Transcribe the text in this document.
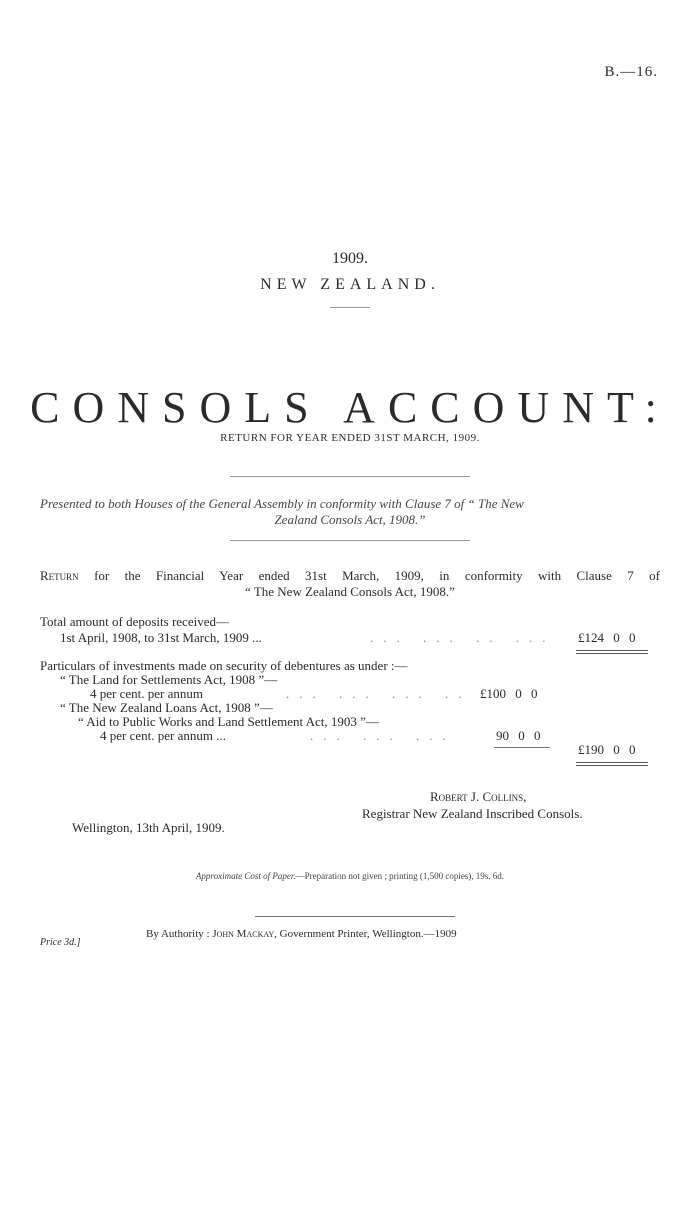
B.—16.
1909.
NEW ZEALAND.
CONSOLS ACCOUNT:
RETURN FOR YEAR ENDED 31ST MARCH, 1909.
Presented to both Houses of the General Assembly in conformity with Clause 7 of “ The New
Zealand Consols Act, 1908.”
Return for the Financial Year ended 31st March, 1909, in conformity with Clause 7 of
“ The New Zealand Consols Act, 1908.”
Total amount of deposits received—
1st April, 1908, to 31st March, 1909 ...	... ... .. ... £124 0 0
Particulars of investments made on security of debentures as under :—
“ The Land for Settlements Act, 1908 ”—
4 per cent. per annum	... ... ... .. £100 0 0
“ The New Zealand Loans Act, 1908 ”—
“ Aid to Public Works and Land Settlement Act, 1903 ”—
4 per cent. per annum ...	... ... ...	90 0 0
£190 0 0
Robert J. Collins,
Registrar New Zealand Inscribed Consols.
Wellington, 13th April, 1909.
Approximate Cost of Paper.—Preparation not given ; printing (1,500 copies), 19s. 6d.
By Authority : John Mackay, Government Printer, Wellington.—1909
Price 3d.]
